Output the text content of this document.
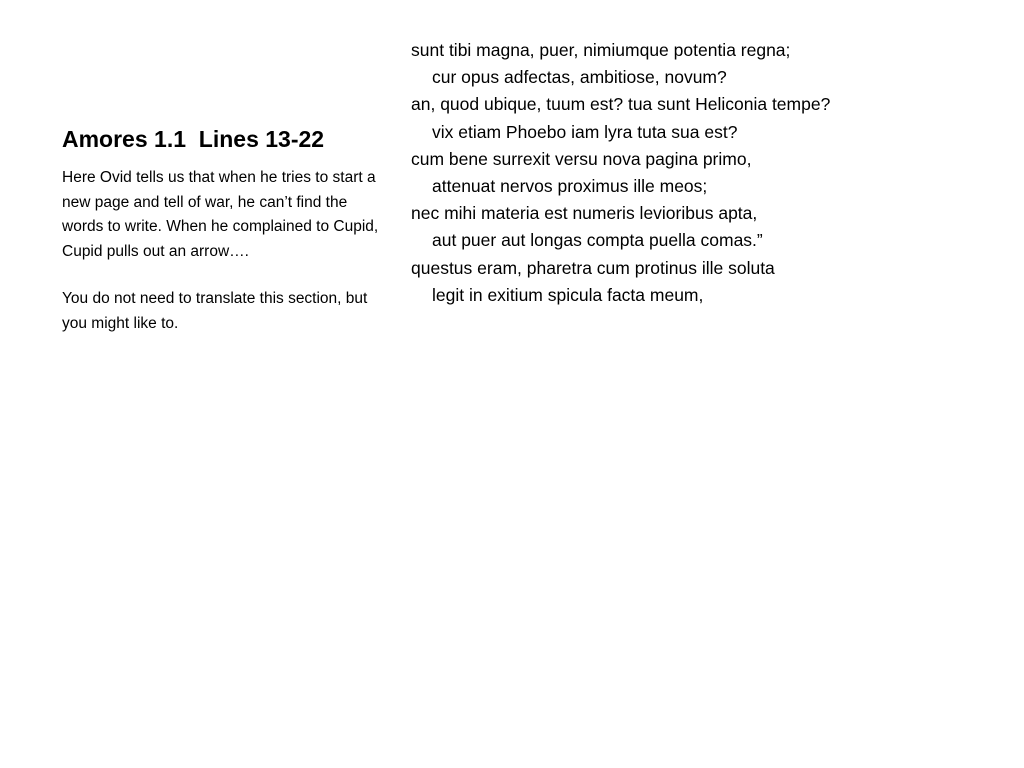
Amores 1.1  Lines 13-22

Here Ovid tells us that when he tries to start a new page and tell of war, he can’t find the words to write. When he complained to Cupid, Cupid pulls out an arrow….

You do not need to translate this section, but you might like to.

sunt tibi magna, puer, nimiumque potentia regna;
cur opus adfectas, ambitiose, novum?
an, quod ubique, tuum est? tua sunt Heliconia tempe?
vix etiam Phoebo iam lyra tuta sua est?
cum bene surrexit versu nova pagina primo,
attenuat nervos proximus ille meos;
nec mihi materia est numeris levioribus apta,
aut puer aut longas compta puella comas.”
questus eram, pharetra cum protinus ille soluta
legit in exitium spicula facta meum,
